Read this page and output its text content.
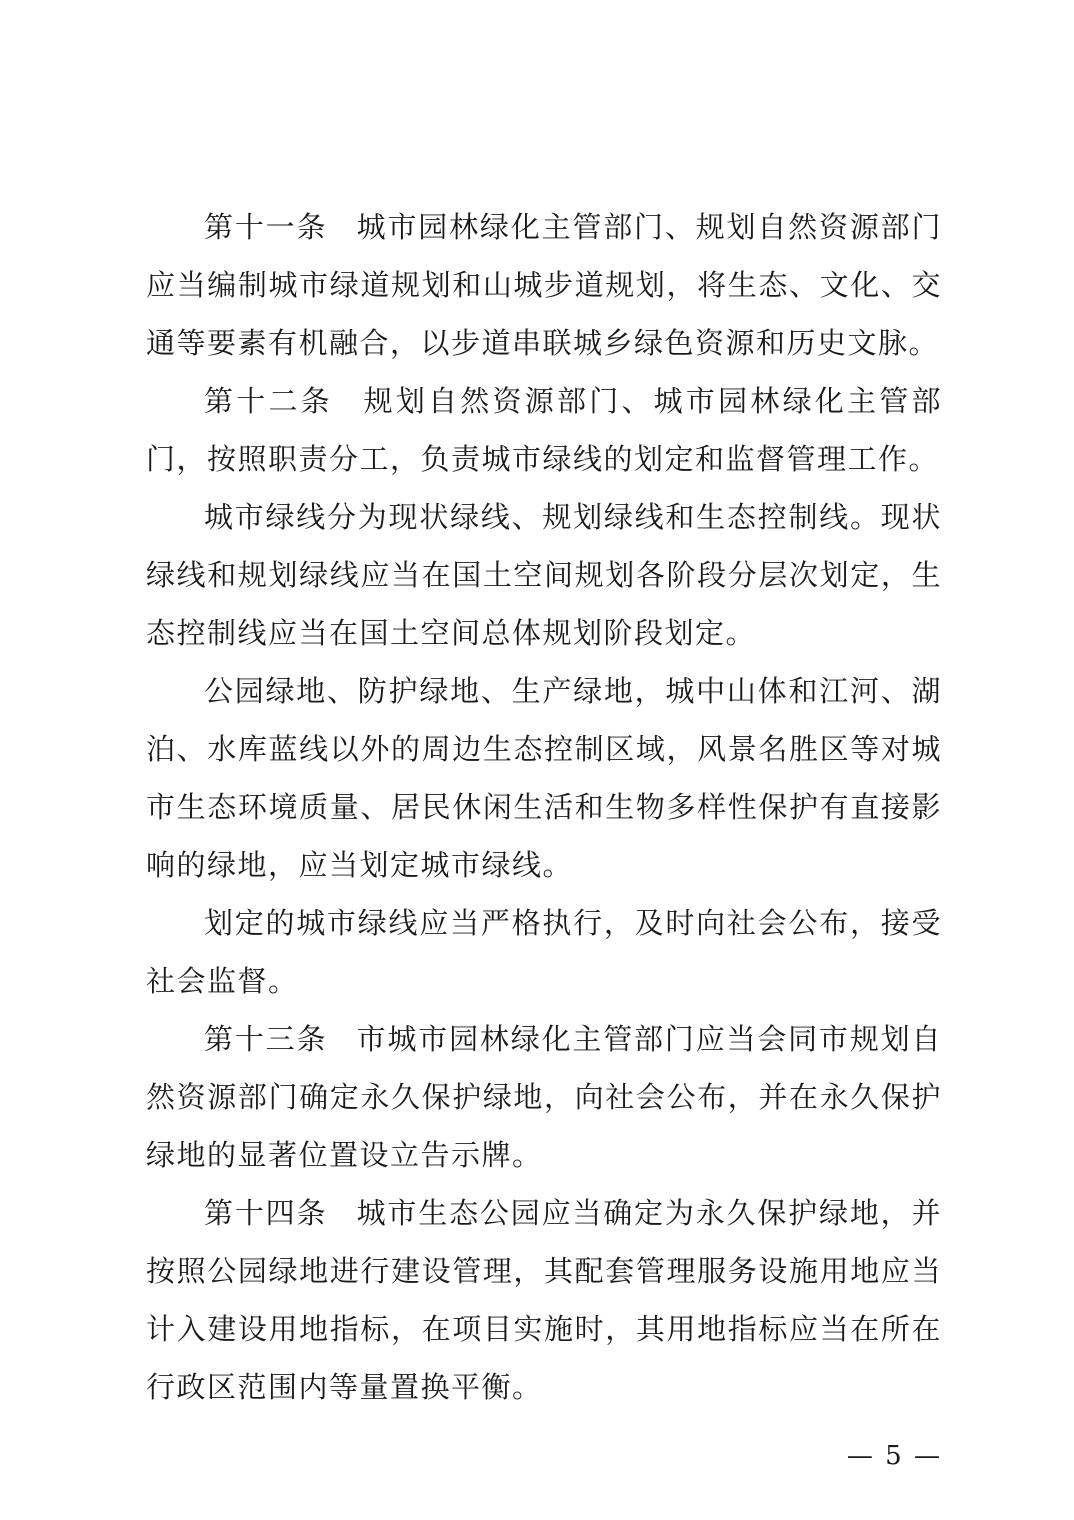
第十一条 城市园林绿化主管部门、规划自然资源部门应当编制城市绿道规划和山城步道规划，将生态、文化、交通等要素有机融合，以步道串联城乡绿色资源和历史文脉。

第十二条 规划自然资源部门、城市园林绿化主管部门，按照职责分工，负责城市绿线的划定和监督管理工作。

城市绿线分为现状绿线、规划绿线和生态控制线。现状绿线和规划绿线应当在国土空间规划各阶段分层次划定，生态控制线应当在国土空间总体规划阶段划定。

公园绿地、防护绿地、生产绿地，城中山体和江河、湖泊、水库蓝线以外的周边生态控制区域，风景名胜区等对城市生态环境质量、居民休闲生活和生物多样性保护有直接影响的绿地，应当划定城市绿线。

划定的城市绿线应当严格执行，及时向社会公布，接受社会监督。

第十三条 市城市园林绿化主管部门应当会同市规划自然资源部门确定永久保护绿地，向社会公布，并在永久保护绿地的显著位置设立告示牌。

第十四条 城市生态公园应当确定为永久保护绿地，并按照公园绿地进行建设管理，其配套管理服务设施用地应当计入建设用地指标，在项目实施时，其用地指标应当在所在行政区范围内等量置换平衡。

— 5 —
